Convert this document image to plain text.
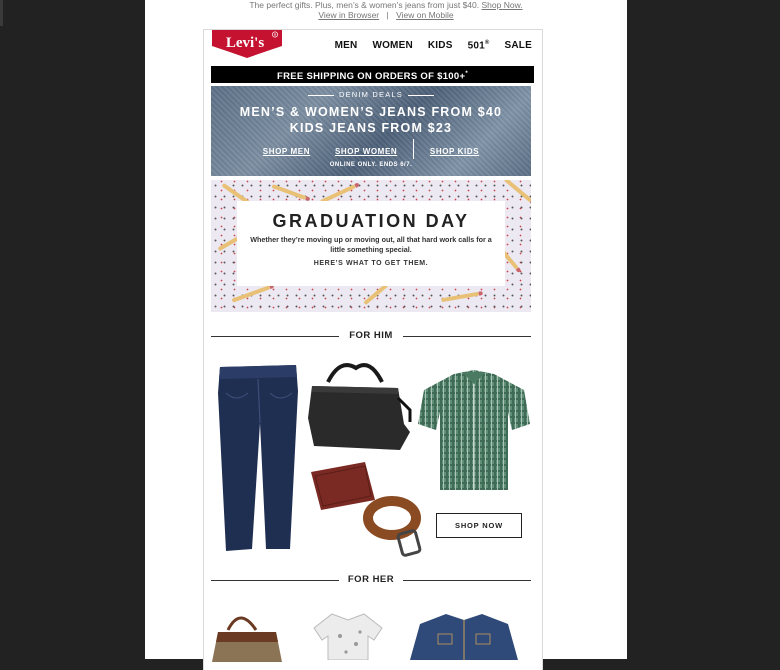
The perfect gifts. Plus, men’s & women’s jeans from just $40. Shop Now.
View in Browser | View on Mobile
Levi's	R
MEN WOMEN KIDS 501® SALE
FREE SHIPPING ON ORDERS OF $100+*
DENIM DEALS
MEN’S & WOMEN’S JEANS FROM $40
KIDS JEANS FROM $23
SHOP MEN	SHOP WOMEN	SHOP KIDS
ONLINE ONLY. ENDS 6/7.
GRADUATION DAY
Whether they’re moving up or moving out, all that hard work calls for a little something special.
HERE’S WHAT TO GET THEM.
FOR HIM
SHOP NOW
FOR HER
